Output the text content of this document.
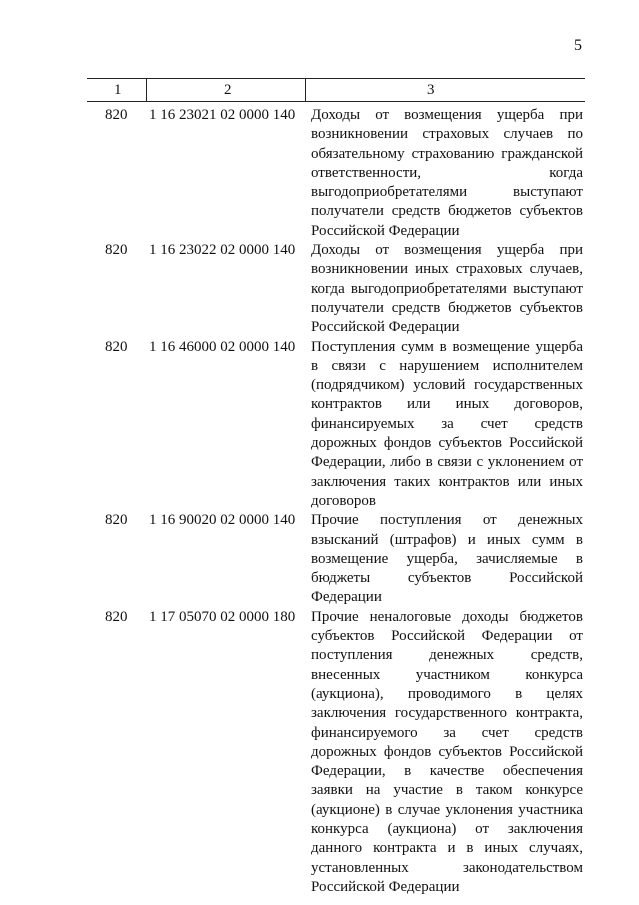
5
1	2	3
820	1 16 23021 02 0000 140	Доходы от возмещения ущерба при возникновении страховых случаев по обязательному страхованию гражданской ответственности, когда выгодоприобретателями выступают получатели средств бюджетов субъектов Российской Федерации
820	1 16 23022 02 0000 140	Доходы от возмещения ущерба при возникновении иных страховых случаев, когда выгодоприобретателями выступают получатели средств бюджетов субъектов Российской Федерации
820	1 16 46000 02 0000 140	Поступления сумм в возмещение ущерба в связи с нарушением исполнителем (подрядчиком) условий государственных контрактов или иных договоров, финансируемых за счет средств дорожных фондов субъектов Российской Федерации, либо в связи с уклонением от заключения таких контрактов или иных договоров
820	1 16 90020 02 0000 140	Прочие поступления от денежных взысканий (штрафов) и иных сумм в возмещение ущерба, зачисляемые в бюджеты субъектов Российской Федерации
820	1 17 05070 02 0000 180	Прочие неналоговые доходы бюджетов субъектов Российской Федерации от поступления денежных средств, внесенных участником конкурса (аукциона), проводимого в целях заключения государственного контракта, финансируемого за счет средств дорожных фондов субъектов Российской Федерации, в качестве обеспечения заявки на участие в таком конкурсе (аукционе) в случае уклонения участника конкурса (аукциона) от заключения данного контракта и в иных случаях, установленных законодательством Российской Федерации
